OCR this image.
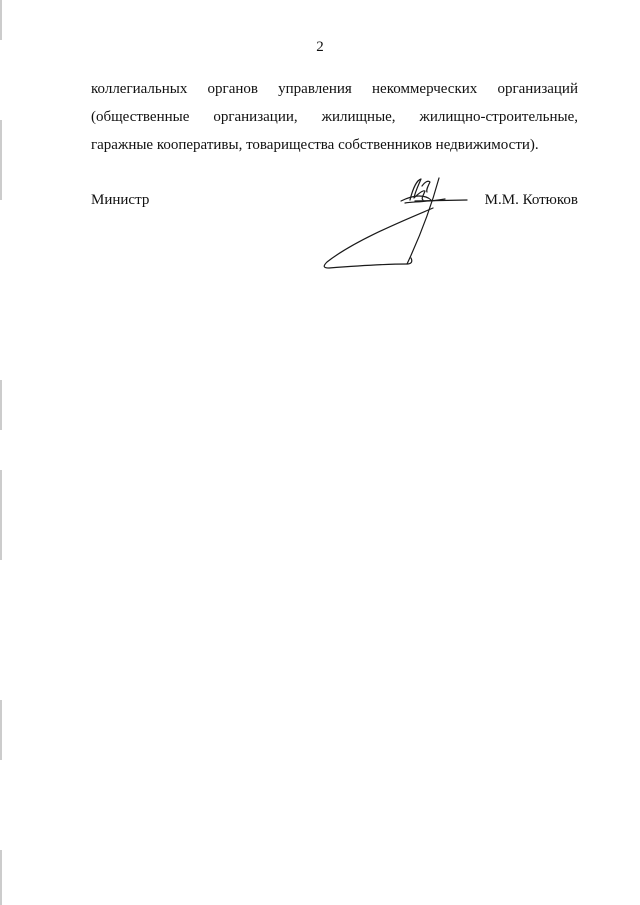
2
коллегиальных органов управления некоммерческих организаций
(общественные организации, жилищные, жилищно-строительные,
гаражные кооперативы, товарищества собственников недвижимости).
Министр	М.М. Котюков
